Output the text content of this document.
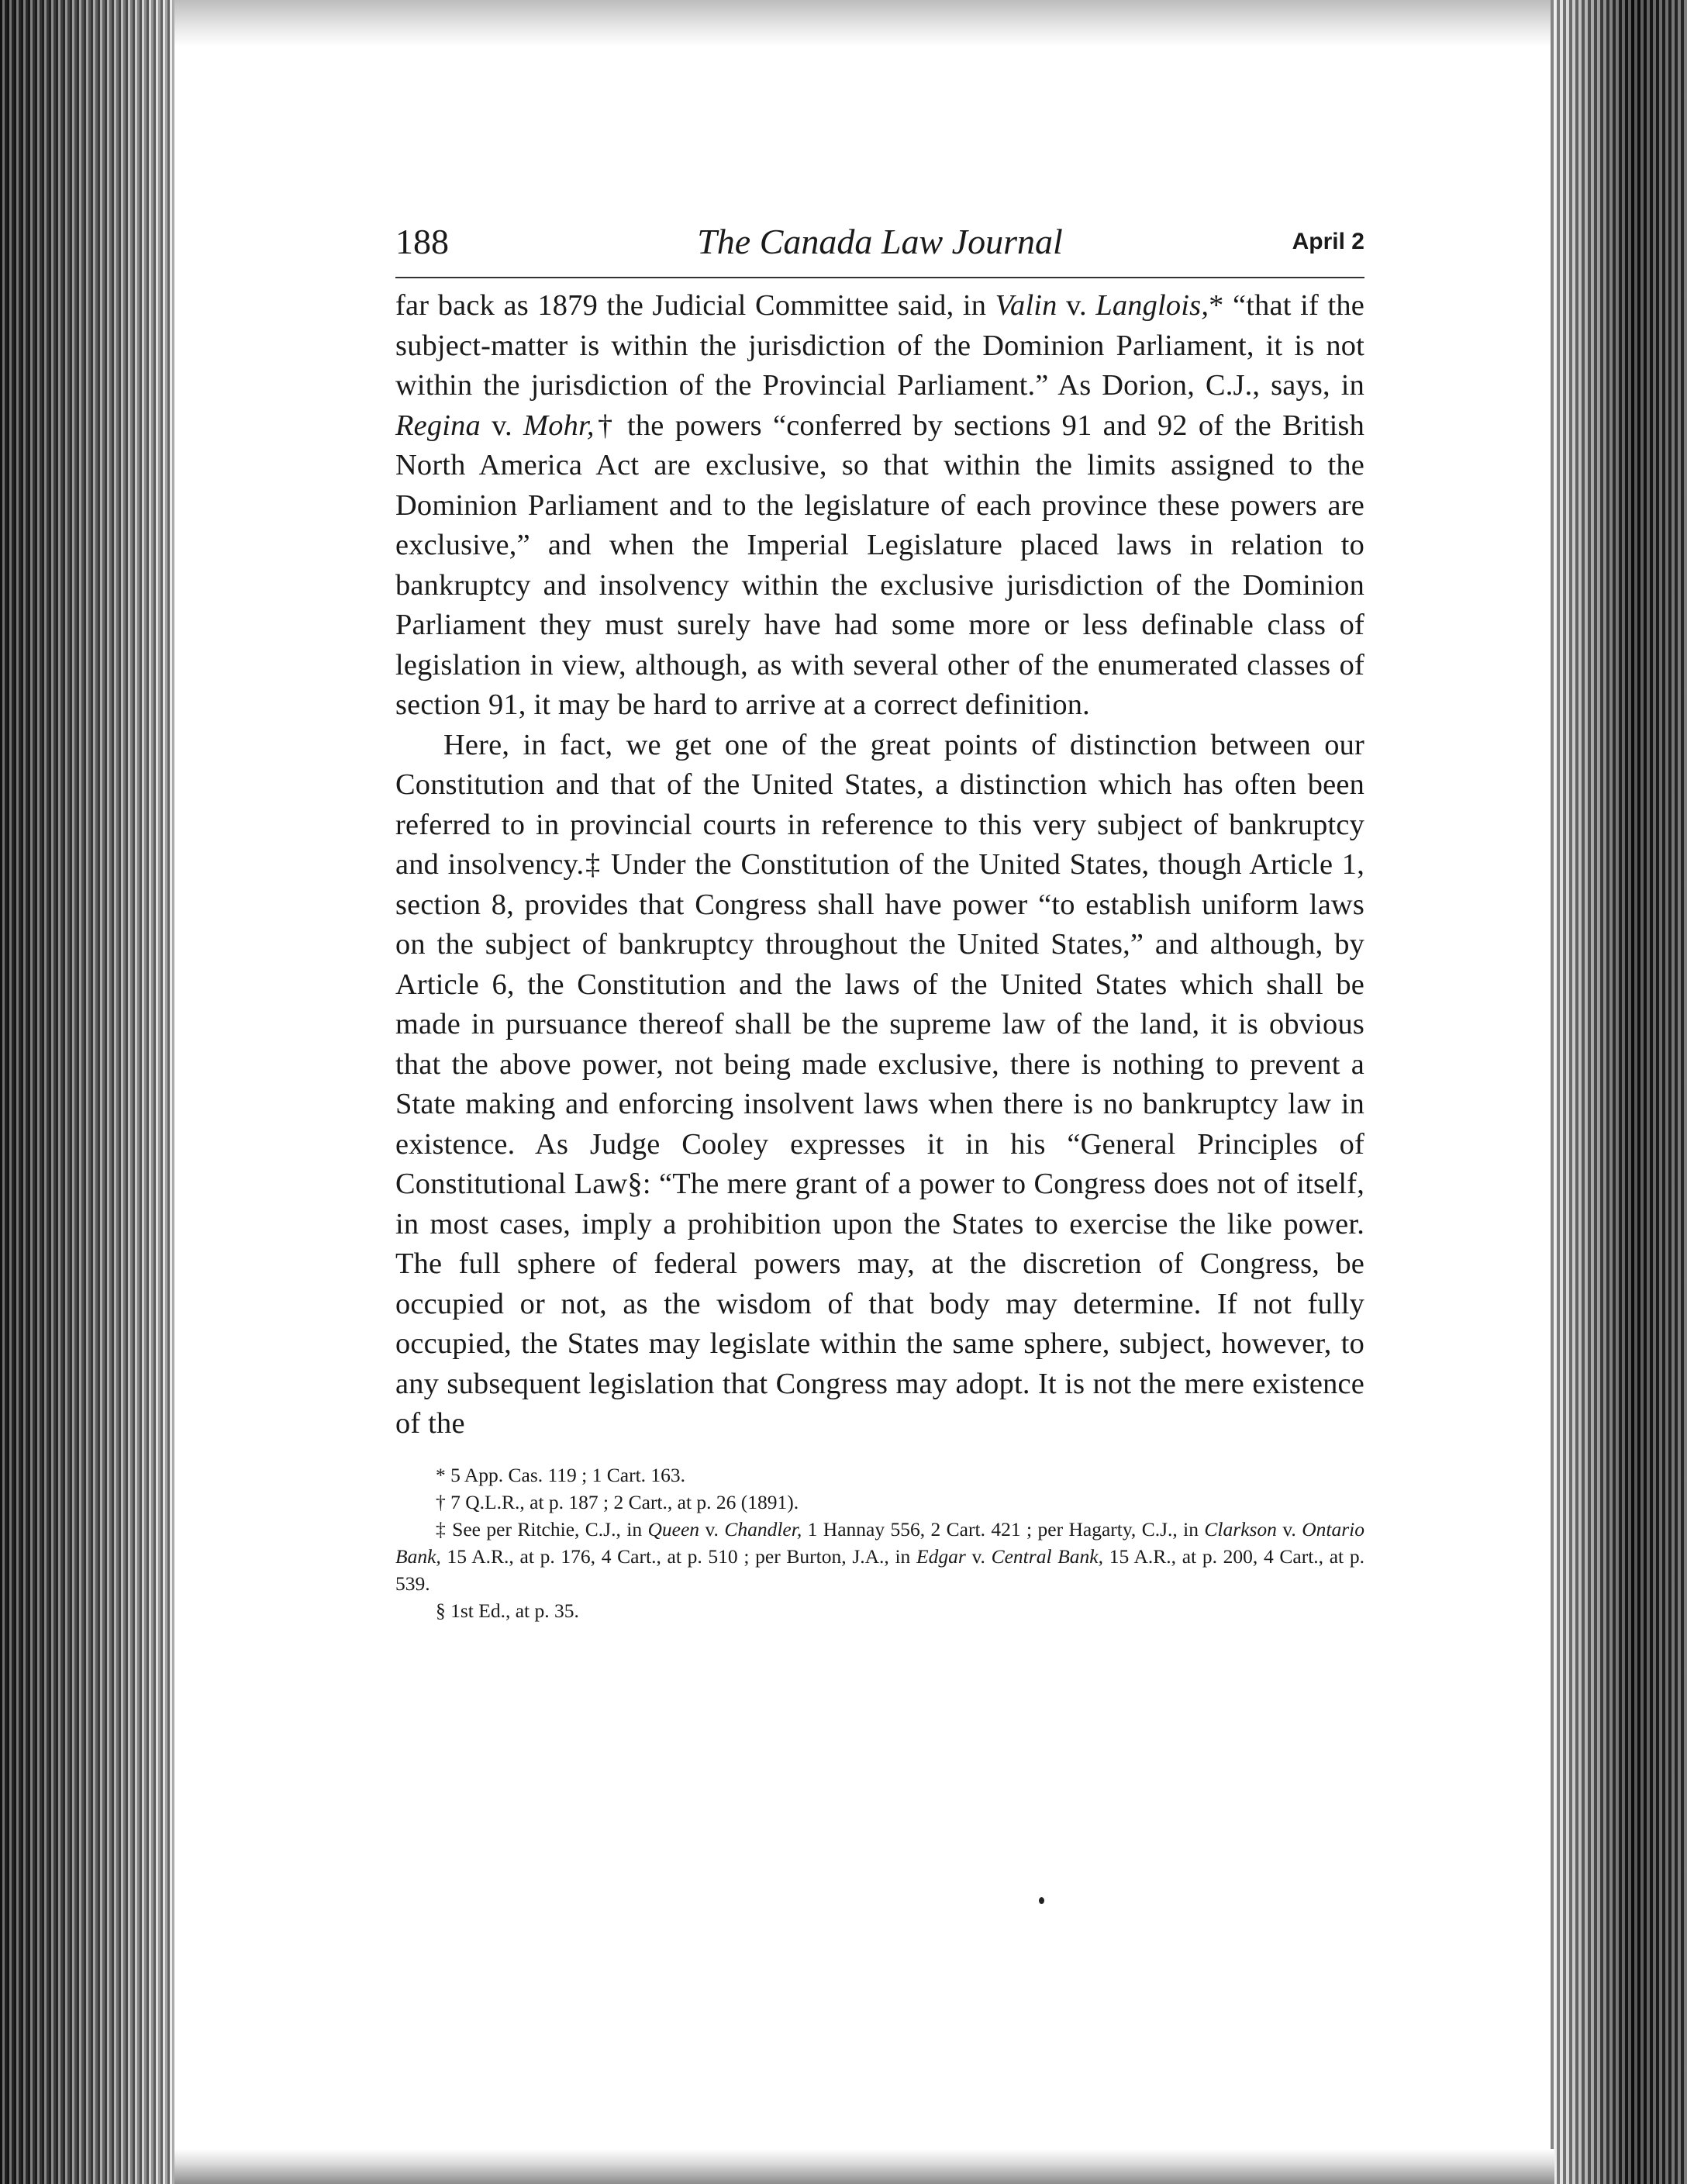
188	The Canada Law Journal	April 2

far back as 1879 the Judicial Committee said, in Valin v. Langlois,* “that if the subject-matter is within the jurisdiction of the Dominion Parliament, it is not within the jurisdiction of the Provincial Parliament.” As Dorion, C.J., says, in Regina v. Mohr,† the powers “conferred by sections 91 and 92 of the British North America Act are exclusive, so that within the limits assigned to the Dominion Parliament and to the legislature of each province these powers are exclusive,” and when the Imperial Legislature placed laws in relation to bankruptcy and insolvency within the exclusive jurisdiction of the Dominion Parliament they must surely have had some more or less definable class of legislation in view, although, as with several other of the enumerated classes of section 91, it may be hard to arrive at a correct definition.

Here, in fact, we get one of the great points of distinction between our Constitution and that of the United States, a distinction which has often been referred to in provincial courts in reference to this very subject of bankruptcy and insolvency.‡ Under the Constitution of the United States, though Article 1, section 8, provides that Congress shall have power “to establish uniform laws on the subject of bankruptcy throughout the United States,” and although, by Article 6, the Constitution and the laws of the United States which shall be made in pursuance thereof shall be the supreme law of the land, it is obvious that the above power, not being made exclusive, there is nothing to prevent a State making and enforcing insolvent laws when there is no bankruptcy law in existence. As Judge Cooley expresses it in his “General Principles of Constitutional Law§: “The mere grant of a power to Congress does not of itself, in most cases, imply a prohibition upon the States to exercise the like power. The full sphere of federal powers may, at the discretion of Congress, be occupied or not, as the wisdom of that body may determine. If not fully occupied, the States may legislate within the same sphere, subject, however, to any subsequent legislation that Congress may adopt. It is not the mere existence of the

* 5 App. Cas. 119 ; 1 Cart. 163.

† 7 Q.L.R., at p. 187 ; 2 Cart., at p. 26 (1891).

‡ See per Ritchie, C.J., in Queen v. Chandler, 1 Hannay 556, 2 Cart. 421 ; per Hagarty, C.J., in Clarkson v. Ontario Bank, 15 A.R., at p. 176, 4 Cart., at p. 510 ; per Burton, J.A., in Edgar v. Central Bank, 15 A.R., at p. 200, 4 Cart., at p. 539.

§ 1st Ed., at p. 35.
